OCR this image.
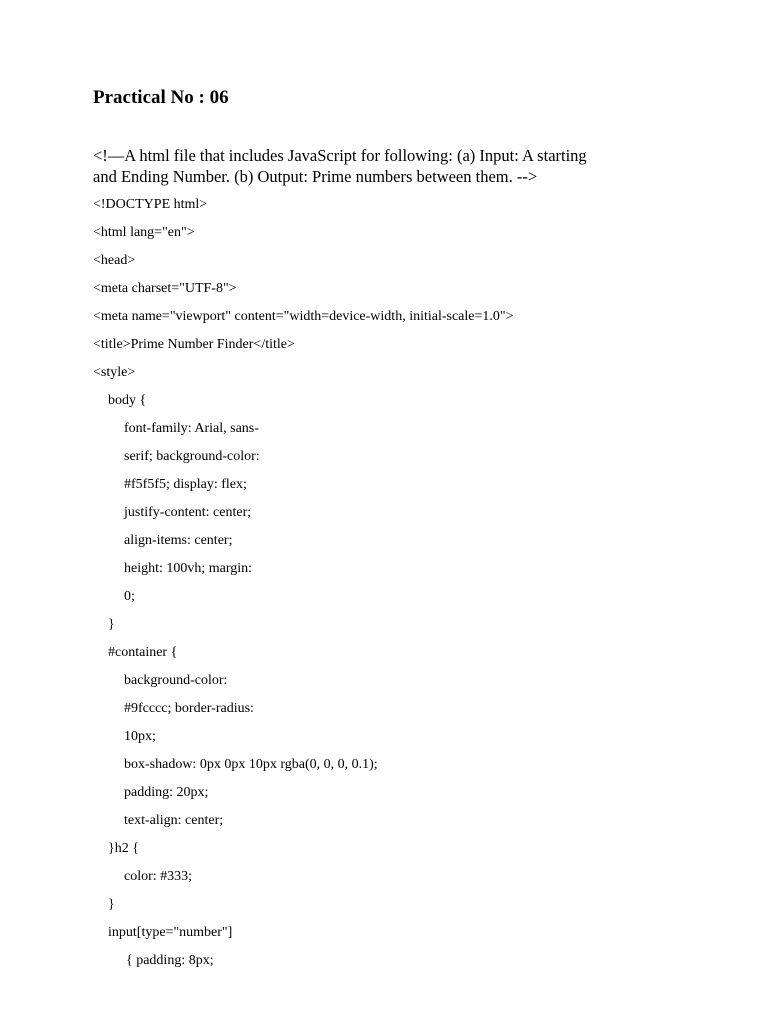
Practical No : 06
<!—A html file that includes JavaScript for following: (a) Input: A starting
and Ending Number. (b) Output: Prime numbers between them. -->
<!DOCTYPE html>
<html lang="en">
<head>
<meta charset="UTF-8">
<meta name="viewport" content="width=device-width, initial-scale=1.0">
<title>Prime Number Finder</title>
<style>
body {
font-family: Arial, sans-
serif; background-color:
#f5f5f5; display: flex;
justify-content: center;
align-items: center;
height: 100vh; margin:
0;
}
#container {
background-color:
#9fcccc; border-radius:
10px;
box-shadow: 0px 0px 10px rgba(0, 0, 0, 0.1);
padding: 20px;
text-align: center;
}h2 {
color: #333;
}
input[type="number"]
{ padding: 8px;
